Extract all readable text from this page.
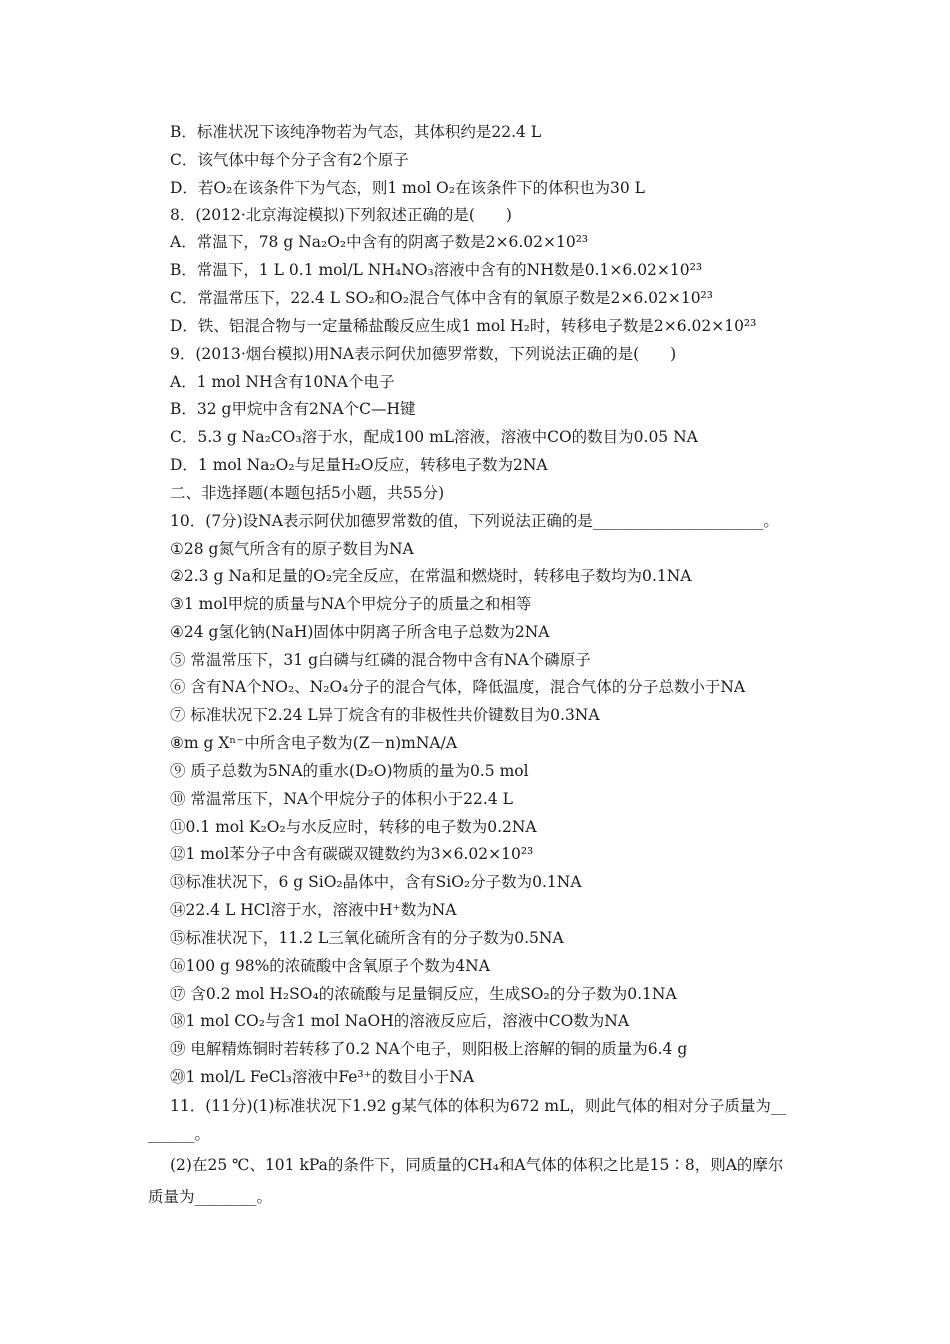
B．标准状况下该纯净物若为气态，其体积约是22.4 L
C．该气体中每个分子含有2个原子
D．若O₂在该条件下为气态，则1 mol O₂在该条件下的体积也为30 L
8．(2012·北京海淀模拟)下列叙述正确的是(　　)
A．常温下，78 g Na₂O₂中含有的阴离子数是2×6.02×10²³
B．常温下，1 L 0.1 mol/L NH₄NO₃溶液中含有的NH数是0.1×6.02×10²³
C．常温常压下，22.4 L SO₂和O₂混合气体中含有的氧原子数是2×6.02×10²³
D．铁、铝混合物与一定量稀盐酸反应生成1 mol H₂时，转移电子数是2×6.02×10²³
9．(2013·烟台模拟)用NA表示阿伏加德罗常数，下列说法正确的是(　　)
A．1 mol NH含有10NA个电子
B．32 g甲烷中含有2NA个C—H键
C．5.3 g Na₂CO₃溶于水，配成100 mL溶液，溶液中CO的数目为0.05 NA
D．1 mol Na₂O₂与足量H₂O反应，转移电子数为2NA
二、非选择题(本题包括5小题，共55分)
10．(7分)设NA表示阿伏加德罗常数的值，下列说法正确的是______________________。
①28 g氮气所含有的原子数目为NA
②2.3 g Na和足量的O₂完全反应，在常温和燃烧时，转移电子数均为0.1NA
③1 mol甲烷的质量与NA个甲烷分子的质量之和相等
④24 g氢化钠(NaH)固体中阴离子所含电子总数为2NA
⑤ 常温常压下，31 g白磷与红磷的混合物中含有NA个磷原子
⑥ 含有NA个NO₂、N₂O₄分子的混合气体，降低温度，混合气体的分子总数小于NA
⑦ 标准状况下2.24 L异丁烷含有的非极性共价键数目为0.3NA
⑧m g Xⁿ⁻中所含电子数为(Z－n)mNA/A
⑨ 质子总数为5NA的重水(D₂O)物质的量为0.5 mol
⑩ 常温常压下，NA个甲烷分子的体积小于22.4 L
⑪0.1 mol K₂O₂与水反应时，转移的电子数为0.2NA
⑫1 mol苯分子中含有碳碳双键数约为3×6.02×10²³
⑬标准状况下，6 g SiO₂晶体中，含有SiO₂分子数为0.1NA
⑭22.4 L HCl溶于水，溶液中H⁺数为NA
⑮标准状况下，11.2 L三氧化硫所含有的分子数为0.5NA
⑯100 g 98%的浓硫酸中含氧原子个数为4NA
⑰ 含0.2 mol H₂SO₄的浓硫酸与足量铜反应，生成SO₂的分子数为0.1NA
⑱1 mol CO₂与含1 mol NaOH的溶液反应后，溶液中CO数为NA
⑲ 电解精炼铜时若转移了0.2 NA个电子，则阳极上溶解的铜的质量为6.4 g
⑳1 mol/L FeCl₃溶液中Fe³⁺的数目小于NA
11．(11分)(1)标准状况下1.92 g某气体的体积为672 mL，则此气体的相对分子质量为__
______。
(2)在25 ℃、101 kPa的条件下，同质量的CH₄和A气体的体积之比是15∶8，则A的摩尔
质量为________。
